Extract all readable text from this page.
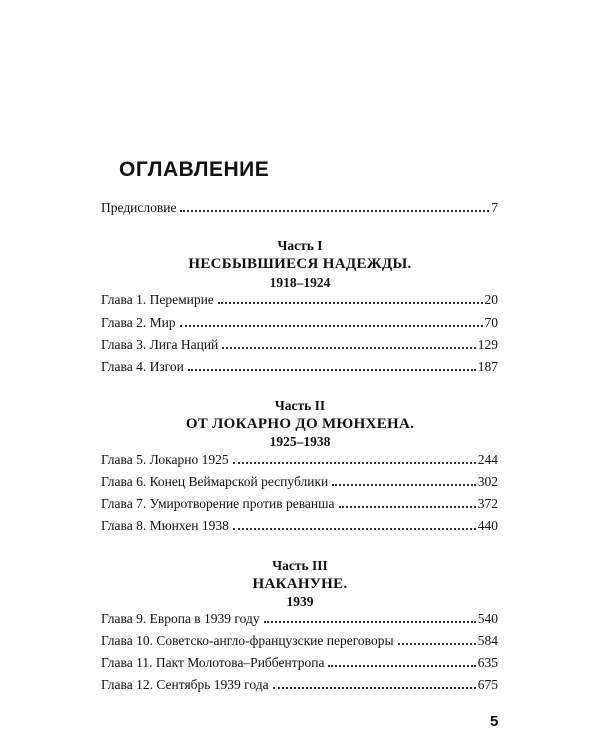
ОГЛАВЛЕНИЕ
Предисловие	7
Часть I
НЕСБЫВШИЕСЯ НАДЕЖДЫ.
1918–1924
Глава 1. Перемирие	20
Глава 2. Мир	70
Глава 3. Лига Наций	129
Глава 4. Изгои	187
Часть II
ОТ ЛОКАРНО ДО МЮНХЕНА.
1925–1938
Глава 5. Локарно 1925	244
Глава 6. Конец Веймарской республики	302
Глава 7. Умиротворение против реванша	372
Глава 8. Мюнхен 1938	440
Часть III
НАКАНУНЕ.
1939
Глава 9. Европа в 1939 году	540
Глава 10. Советско-англо-французские переговоры	584
Глава 11. Пакт Молотова–Риббентропа	635
Глава 12. Сентябрь 1939 года	675
5
